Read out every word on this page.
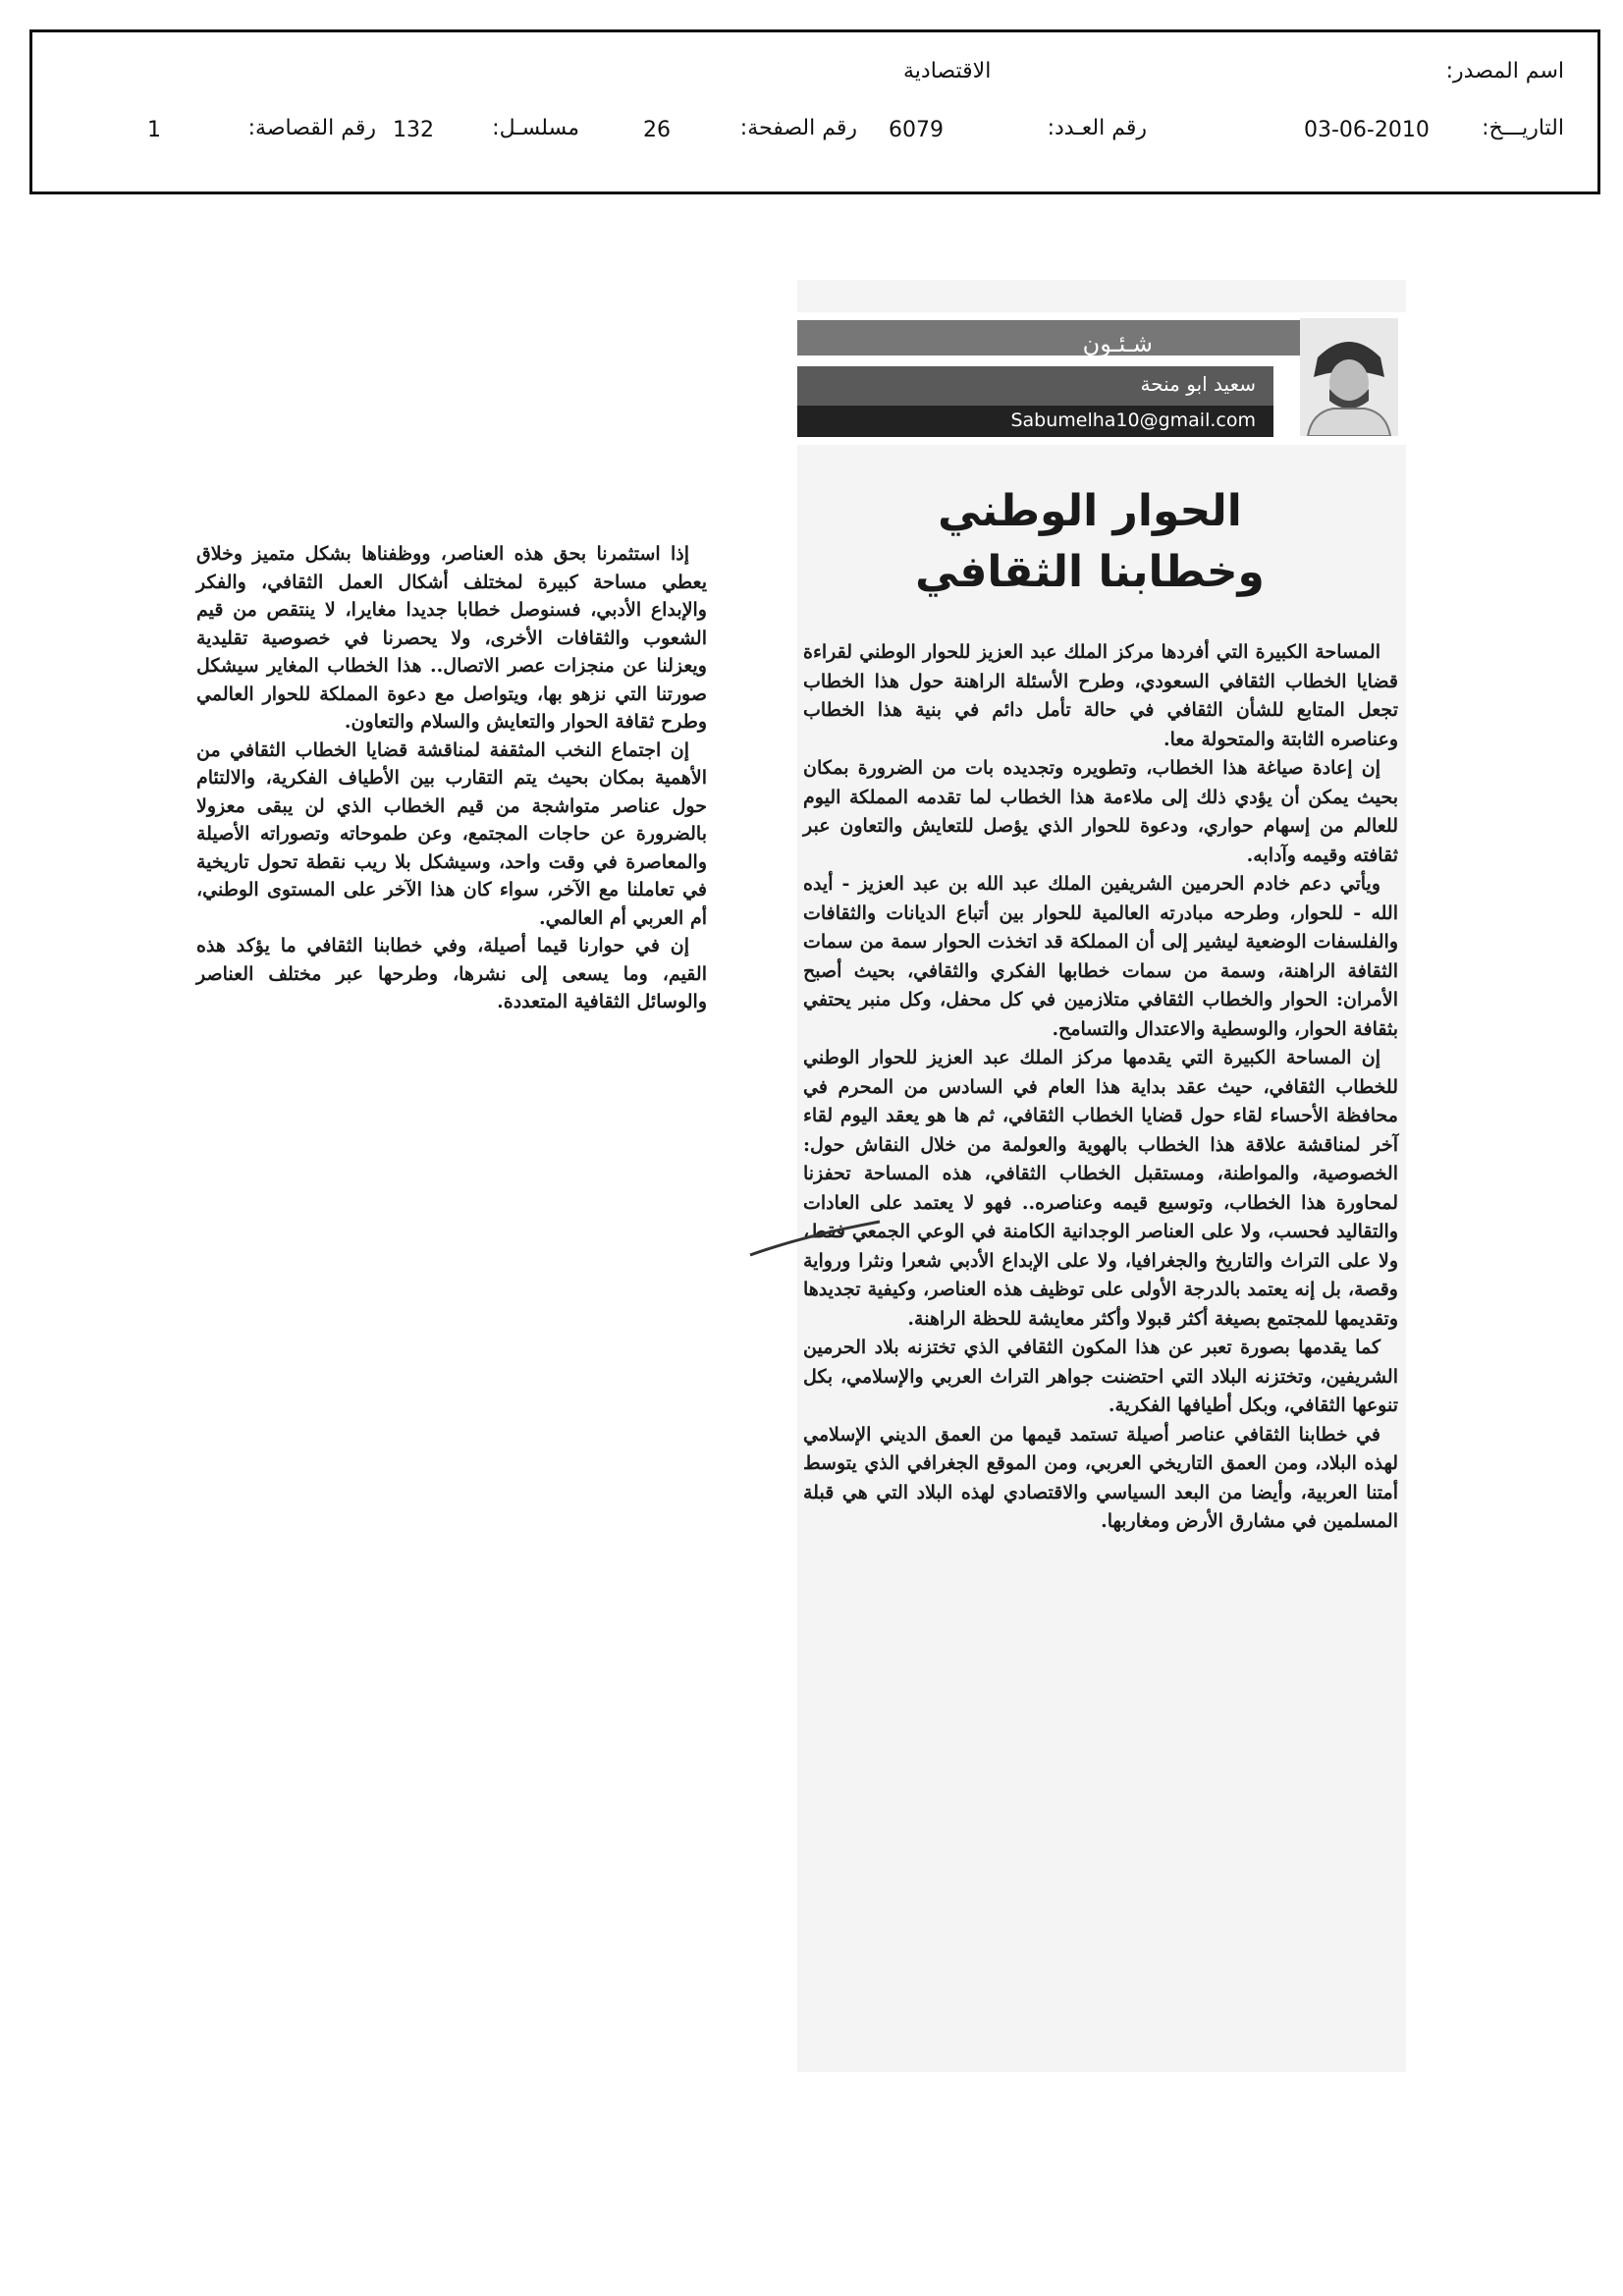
اسم المصدر:
الاقتصادية
التاريـــخ:
03-06-2010
رقم العـدد:
6079
رقم الصفحة:
26
مسلسـل:
132
رقم القصاصة:
1
شـئـون
سعيد ابو منحة
Sabumelha10@gmail.com
الحوار الوطني
وخطابنا الثقافي

المساحة الكبيرة التي أفردها مركز الملك عبد العزيز للحوار الوطني لقراءة قضايا الخطاب الثقافي السعودي، وطرح الأسئلة الراهنة حول هذا الخطاب تجعل المتابع للشأن الثقافي في حالة تأمل دائم في بنية هذا الخطاب وعناصره الثابتة والمتحولة معا.

إن إعادة صياغة هذا الخطاب، وتطويره وتجديده بات من الضرورة بمكان بحيث يمكن أن يؤدي ذلك إلى ملاءمة هذا الخطاب لما تقدمه المملكة اليوم للعالم من إسهام حواري، ودعوة للحوار الذي يؤصل للتعايش والتعاون عبر ثقافته وقيمه وآدابه.

ويأتي دعم خادم الحرمين الشريفين الملك عبد الله بن عبد العزيز - أيده الله - للحوار، وطرحه مبادرته العالمية للحوار بين أتباع الديانات والثقافات والفلسفات الوضعية ليشير إلى أن المملكة قد اتخذت الحوار سمة من سمات الثقافة الراهنة، وسمة من سمات خطابها الفكري والثقافي، بحيث أصبح الأمران: الحوار والخطاب الثقافي متلازمين في كل محفل، وكل منبر يحتفي بثقافة الحوار، والوسطية والاعتدال والتسامح.

إن المساحة الكبيرة التي يقدمها مركز الملك عبد العزيز للحوار الوطني للخطاب الثقافي، حيث عقد بداية هذا العام في السادس من المحرم في محافظة الأحساء لقاء حول قضايا الخطاب الثقافي، ثم ها هو يعقد اليوم لقاء آخر لمناقشة علاقة هذا الخطاب بالهوية والعولمة من خلال النقاش حول: الخصوصية، والمواطنة، ومستقبل الخطاب الثقافي، هذه المساحة تحفزنا لمحاورة هذا الخطاب، وتوسيع قيمه وعناصره.. فهو لا يعتمد على العادات والتقاليد فحسب، ولا على العناصر الوجدانية الكامنة في الوعي الجمعي فقط، ولا على التراث والتاريخ والجغرافيا، ولا على الإبداع الأدبي شعرا ونثرا ورواية وقصة، بل إنه يعتمد بالدرجة الأولى على توظيف هذه العناصر، وكيفية تجديدها وتقديمها للمجتمع بصيغة أكثر قبولا وأكثر معايشة للحظة الراهنة.

كما يقدمها بصورة تعبر عن هذا المكون الثقافي الذي تختزنه بلاد الحرمين الشريفين، وتختزنه البلاد التي احتضنت جواهر التراث العربي والإسلامي، بكل تنوعها الثقافي، وبكل أطيافها الفكرية.

في خطابنا الثقافي عناصر أصيلة تستمد قيمها من العمق الديني الإسلامي لهذه البلاد، ومن العمق التاريخي العربي، ومن الموقع الجغرافي الذي يتوسط أمتنا العربية، وأيضا من البعد السياسي والاقتصادي لهذه البلاد التي هي قبلة المسلمين في مشارق الأرض ومغاربها.

إذا استثمرنا بحق هذه العناصر، ووظفناها بشكل متميز وخلاق يعطي مساحة كبيرة لمختلف أشكال العمل الثقافي، والفكر والإبداع الأدبي، فسنوصل خطابا جديدا مغايرا، لا ينتقص من قيم الشعوب والثقافات الأخرى، ولا يحصرنا في خصوصية تقليدية ويعزلنا عن منجزات عصر الاتصال.. هذا الخطاب المغاير سيشكل صورتنا التي نزهو بها، ويتواصل مع دعوة المملكة للحوار العالمي وطرح ثقافة الحوار والتعايش والسلام والتعاون.

إن اجتماع النخب المثقفة لمناقشة قضايا الخطاب الثقافي من الأهمية بمكان بحيث يتم التقارب بين الأطياف الفكرية، والالتئام حول عناصر متواشجة من قيم الخطاب الذي لن يبقى معزولا بالضرورة عن حاجات المجتمع، وعن طموحاته وتصوراته الأصيلة والمعاصرة في وقت واحد، وسيشكل بلا ريب نقطة تحول تاريخية في تعاملنا مع الآخر، سواء كان هذا الآخر على المستوى الوطني، أم العربي أم العالمي.

إن في حوارنا قيما أصيلة، وفي خطابنا الثقافي ما يؤكد هذه القيم، وما يسعى إلى نشرها، وطرحها عبر مختلف العناصر والوسائل الثقافية المتعددة.
